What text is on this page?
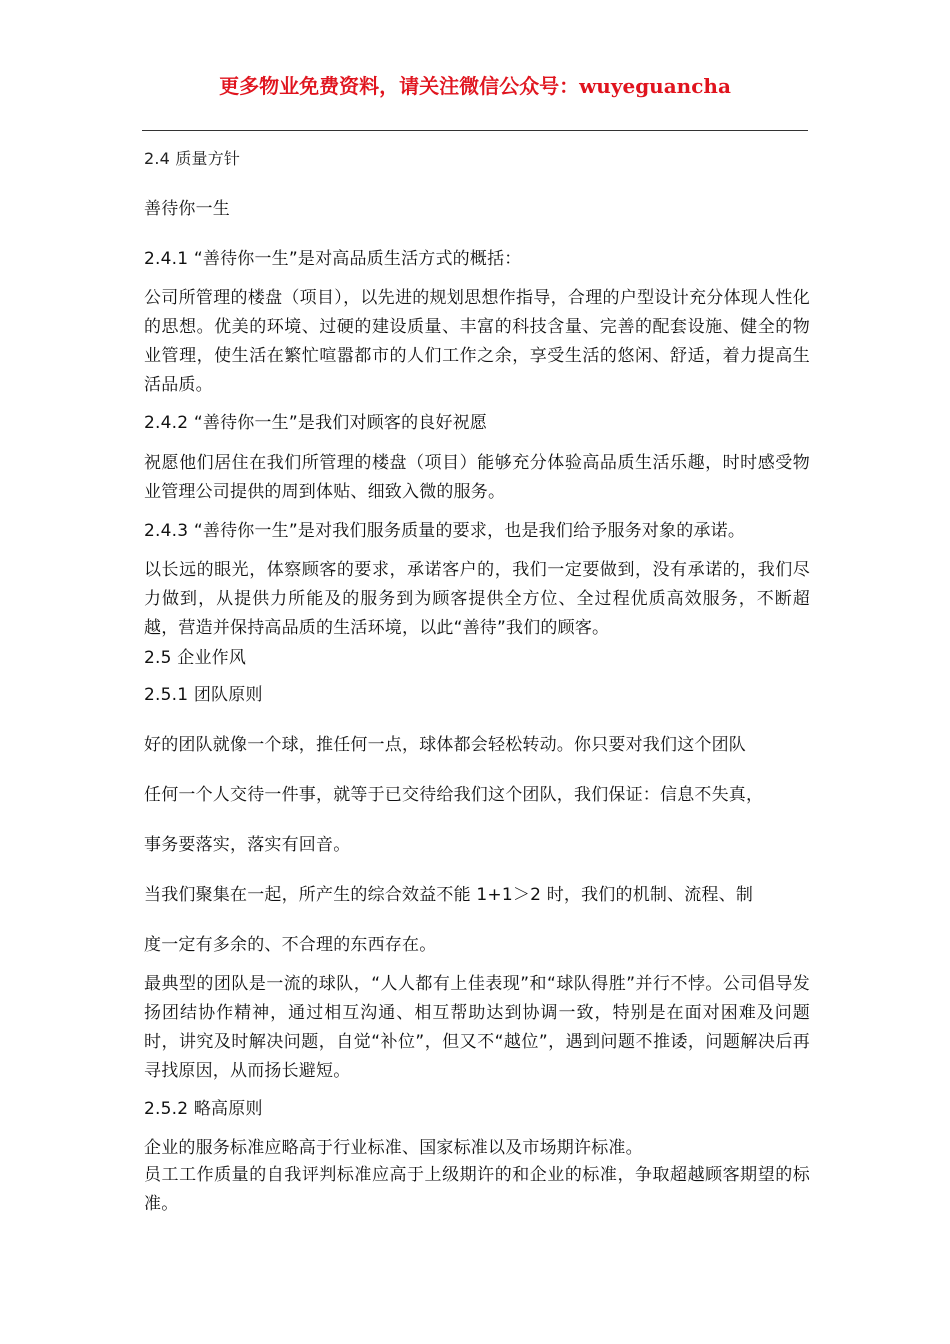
更多物业免费资料，请关注微信公众号：wuyeguancha
2.4 质量方针
善待你一生
2.4.1 “善待你一生”是对高品质生活方式的概括：
公司所管理的楼盘（项目），以先进的规划思想作指导，合理的户型设计充分体现人性化的思想。优美的环境、过硬的建设质量、丰富的科技含量、完善的配套设施、健全的物业管理，使生活在繁忙喧嚣都市的人们工作之余，享受生活的悠闲、舒适，着力提高生活品质。
2.4.2 “善待你一生”是我们对顾客的良好祝愿
祝愿他们居住在我们所管理的楼盘（项目）能够充分体验高品质生活乐趣，时时感受物业管理公司提供的周到体贴、细致入微的服务。
2.4.3 “善待你一生”是对我们服务质量的要求，也是我们给予服务对象的承诺。
以长远的眼光，体察顾客的要求，承诺客户的，我们一定要做到，没有承诺的，我们尽力做到，从提供力所能及的服务到为顾客提供全方位、全过程优质高效服务，不断超越，营造并保持高品质的生活环境，以此“善待”我们的顾客。
2.5 企业作风
2.5.1 团队原则
好的团队就像一个球，推任何一点，球体都会轻松转动。你只要对我们这个团队
任何一个人交待一件事，就等于已交待给我们这个团队，我们保证：信息不失真，
事务要落实，落实有回音。
当我们聚集在一起，所产生的综合效益不能 1+1＞2 时，我们的机制、流程、制
度一定有多余的、不合理的东西存在。
最典型的团队是一流的球队，“人人都有上佳表现”和“球队得胜”并行不悖。公司倡导发扬团结协作精神，通过相互沟通、相互帮助达到协调一致，特别是在面对困难及问题时，讲究及时解决问题，自觉“补位”，但又不“越位”，遇到问题不推诿，问题解决后再寻找原因，从而扬长避短。
2.5.2 略高原则
企业的服务标准应略高于行业标准、国家标准以及市场期许标准。
员工工作质量的自我评判标准应高于上级期许的和企业的标准，争取超越顾客期望的标准。
